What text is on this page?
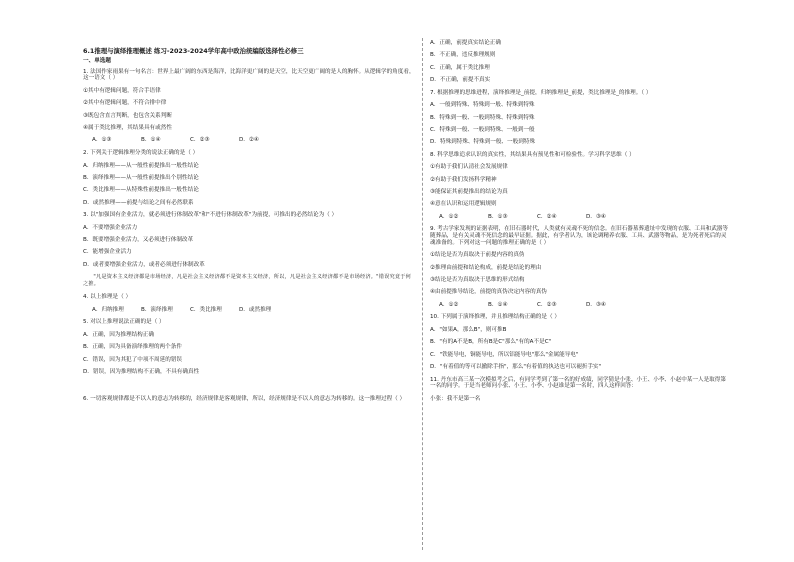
6.1推理与演绎推理概述 练习-2023-2024学年高中政治统编版选择性必修三
一、单选题

1. 法国作家雨果有一句名言：世界上最广阔的东西是海洋，比海洋更广阔的是天空，比天空更广阔的是人的胸怀。从逻辑学的角度看，这一语文（ ）

①其中有逻辑问题，符合手语律

②其中有逻辑问题，不符合排中律

③既包含直言判断，也包含关系判断

④属于类比推理，其结果具有或然性

A．①③	B．①④	C．②③	D．②④

2. 下列关于逻辑推理分类的说法正确的是（ ）

A．归纳推理——从一般性前提推出一般性结论

B．演绎推理——从一般性前提推出个别性结论

C．类比推理——从特殊性前提推出一般性结论

D．或然推理——前提与结论之间有必然联系

3. 以"加强国有企业活力，就必须进行体制改革"和"不进行体制改革"为前提，可推出的必然结论为（ ）

A．不要增强企业活力

B．既要增强企业活力，又必须进行体制改革

C．能增强企业活力

D．或者要增强企业活力，或者必须进行体制改革

"凡是资本主义经济都是市场经济，凡是社会主义经济都不是资本主义经济，所以，凡是社会主义经济都不是市场经济。"错误究竟于何之推。

4. 以上推理是（ ）

A．归纳推理	B．演绎推理	C．类比推理	D．或然推理

5. 对以上推理说法正确的是（ ）

A．正确，因为推理结构正确

B．正确，因为具备演绎推理的两个条件

C．错误，因为其犯了中项不周延的错误

D．错误，因为推理结构不正确，不具有确真性

6. 一切客观规律都是不以人的意志为转移的，经济规律是客观规律，所以，经济规律是不以人的意志为转移的。这一推理过程（ ）

A．正确，前提真实结论正确

B．不正确，违反推理规则

C．正确，属于类比推理

D．不正确，前提不真实

7. 根据推理的思维进程，演绎推理是_前提，归纳推理是_前提，类比推理是_的推理。（ ）

A．一般到特殊、特殊到一般、特殊到特殊

B．特殊到一般、一般到特殊、特殊到特殊

C．特殊到一般、一般到特殊、一般到一般

D．特殊到特殊、特殊到一般、一般到特殊

8. 科学思维追求认识的真实性，其结果具有预见性和可检验性。学习科学思维（ ）

①有助于我们认清社会发展规律

②有助于我们发扬科学精神

③能保证其前提推出的结论为真

④意在认识和运用逻辑规则

A．①②	B．①③	C．②④	D．③④

9. 考古学家发现的证据表明，在旧石器时代，人类就有灵魂不死的信念。在旧石器墓葬遗址中发现的衣服、工具和武器等随葬品，是有关灵魂不死信念的最早证据。据此，有学者认为，该论调精养衣服、工具、武器等物品，是为死者死后的灵魂准备的。下列对这一问题的推理正确的是（ ）

①结论是否为真取决于前提内容的真伪

②推理由前提和结论构成，前提是结论的理由

③结论是否为真取决于思维的形式结构

④由前提推导结论，前提的真伪决定内容的真伪

A．①②	B．①④	C．②③	D．③④

10. 下列属于演绎推理，并且推理结构正确的是（ ）

A．"如果A，那么B"，则可推B

B．"有的A不是B，所有B是C"那么"有的A不是C"

C．"铁能导电，铜能导电，所以铝能导电"那么"金属能导电"

D．"有着值的等可以撤除手指"，那么"有着值的执达也可以褪折手实"

11. 丹东市高三某一次模拟考之后，有同学考到了第一名的好成绩，同学猜是小张、小王、小李、小赵中某一人是取得第一名的同学。于是当老师问小张、小王、小李、小赵谁是第一名时，四人这样回答：

小张：我不是第一名
